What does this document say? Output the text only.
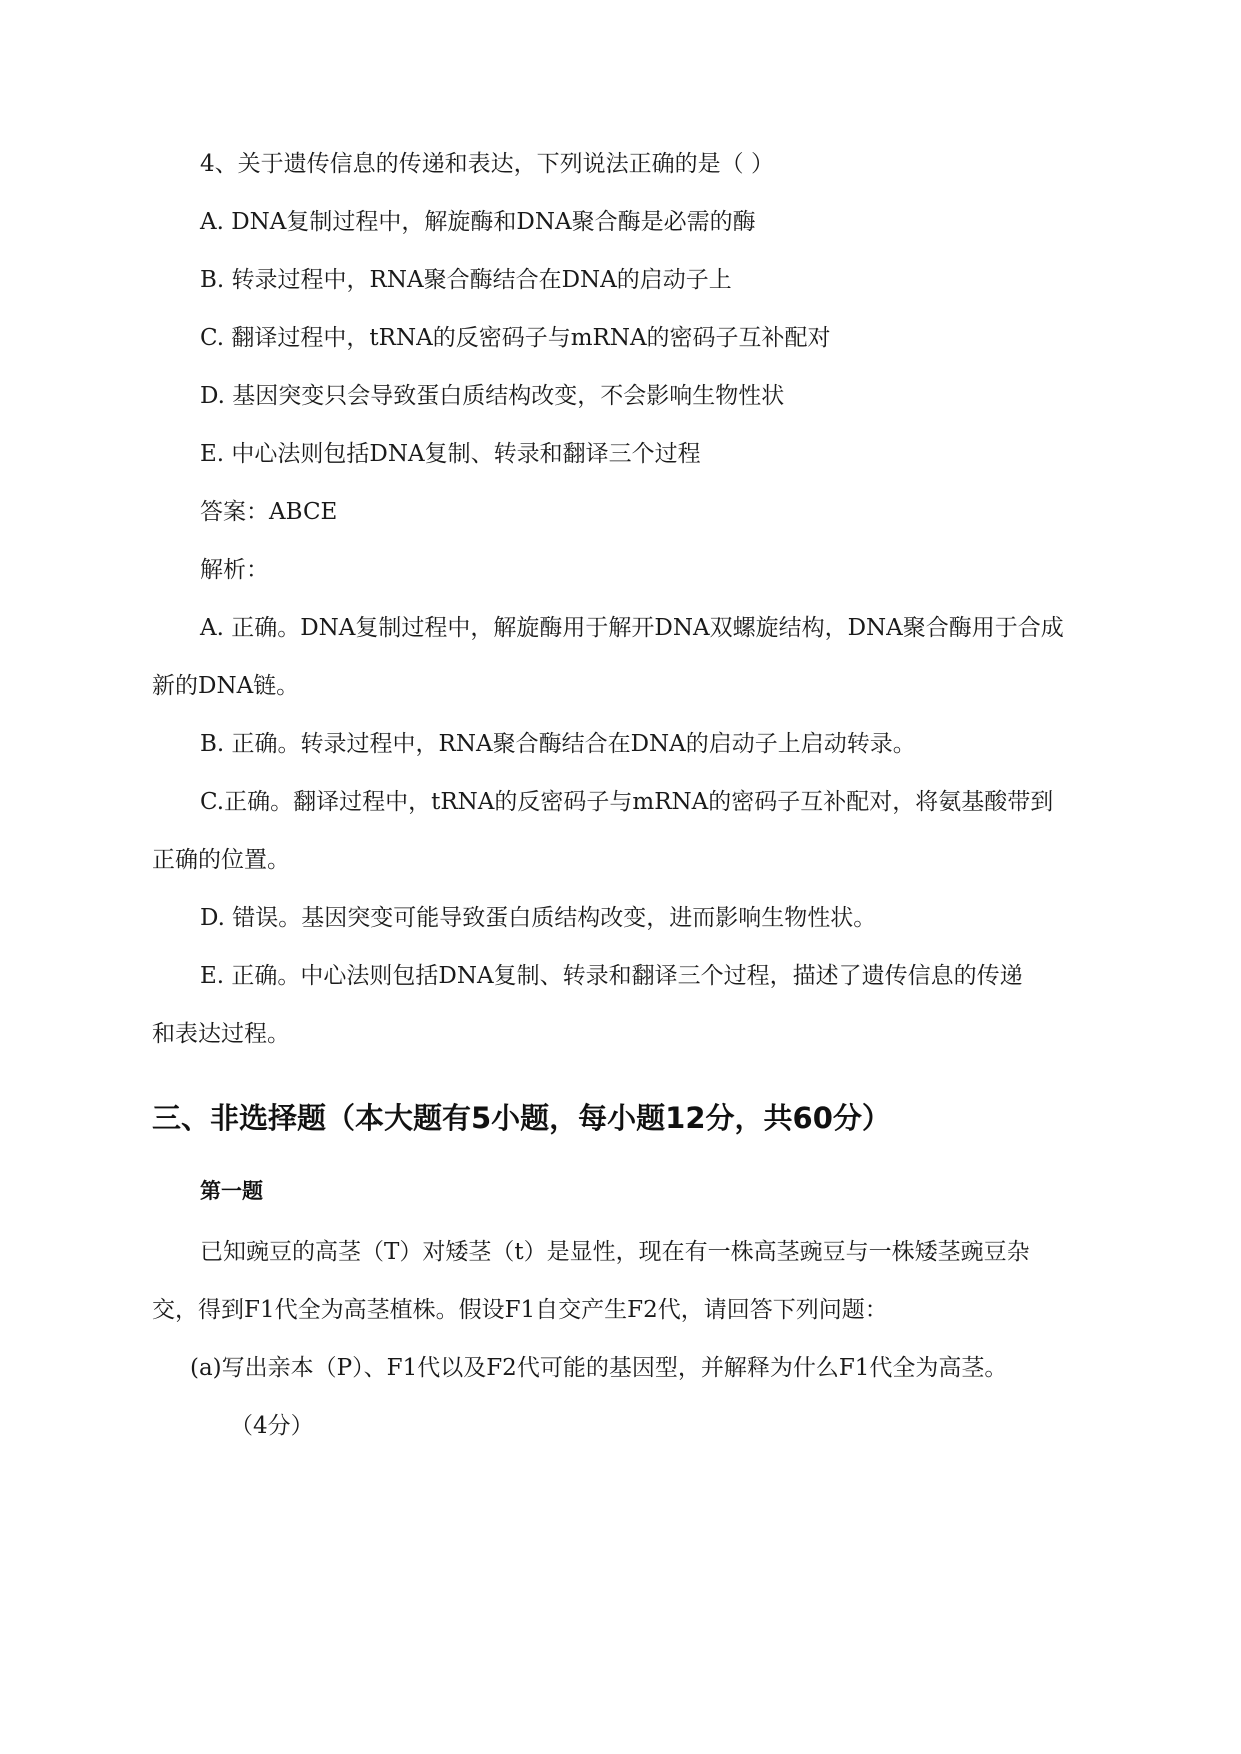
4、关于遗传信息的传递和表达，下列说法正确的是（ ）
A. DNA复制过程中，解旋酶和DNA聚合酶是必需的酶
B. 转录过程中，RNA聚合酶结合在DNA的启动子上
C. 翻译过程中，tRNA的反密码子与mRNA的密码子互补配对
D. 基因突变只会导致蛋白质结构改变，不会影响生物性状
E. 中心法则包括DNA复制、转录和翻译三个过程
答案：ABCE
解析：
A. 正确。DNA复制过程中，解旋酶用于解开DNA双螺旋结构，DNA聚合酶用于合成
新的DNA链。
B. 正确。转录过程中，RNA聚合酶结合在DNA的启动子上启动转录。
C.正确。翻译过程中，tRNA的反密码子与mRNA的密码子互补配对，将氨基酸带到
正确的位置。
D. 错误。基因突变可能导致蛋白质结构改变，进而影响生物性状。
E. 正确。中心法则包括DNA复制、转录和翻译三个过程，描述了遗传信息的传递
和表达过程。
三、非选择题（本大题有5小题，每小题12分，共60分）
第一题
已知豌豆的高茎（T）对矮茎（t）是显性，现在有一株高茎豌豆与一株矮茎豌豆杂
交，得到F1代全为高茎植株。假设F1自交产生F2代，请回答下列问题：
(a)写出亲本（P）、F1代以及F2代可能的基因型，并解释为什么F1代全为高茎。
（4分）
